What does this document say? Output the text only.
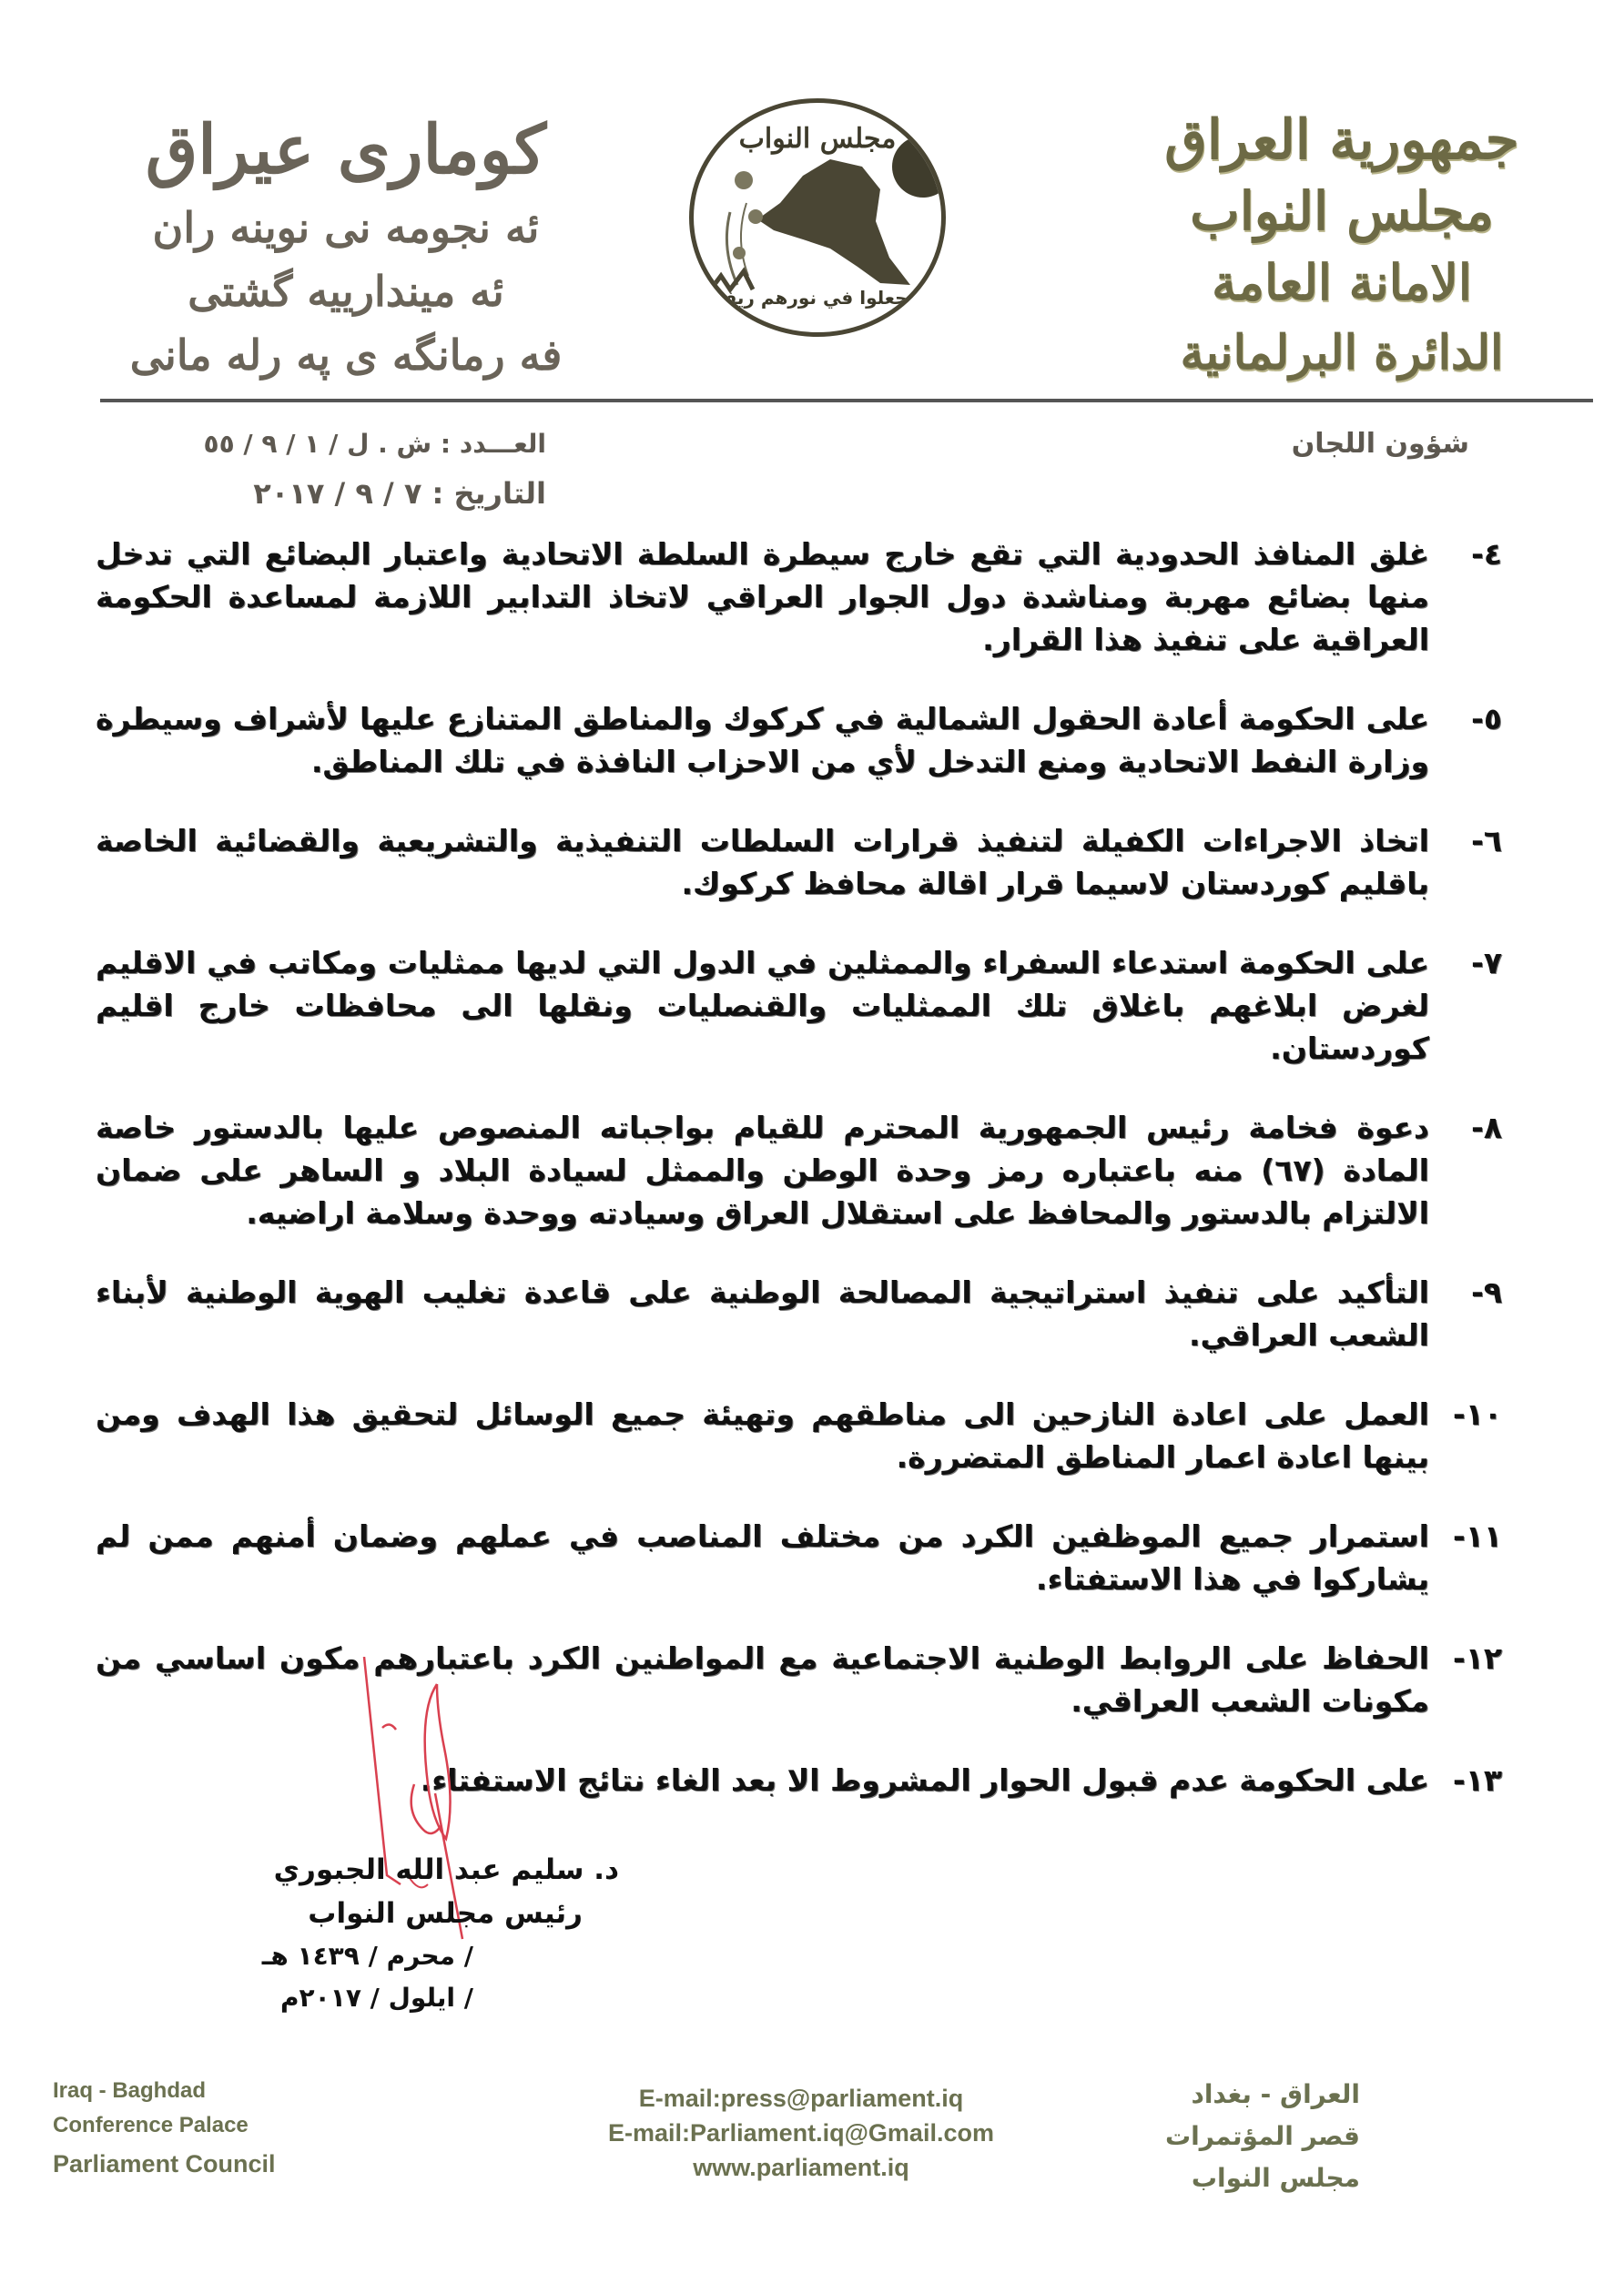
جمهورية العراق
مجلس النواب
الامانة العامة
الدائرة البرلمانية
مجلس النواب
وجعلوا في نورهم ريف
كوماری عیراق
ئه نجومه نی نوینه ران
ئه میندارییه گشتی
فه رمانگه ی په رله مانی
شؤون اللجان
العـــدد : ش . ل / ١ / ٩ / ٥٥
التاريخ : ٧ / ٩ / ٢٠١٧
٤-
غلق المنافذ الحدودية التي تقع خارج سيطرة السلطة الاتحادية واعتبار البضائع التي تدخل منها بضائع مهربة ومناشدة دول الجوار العراقي لاتخاذ التدابير اللازمة لمساعدة الحكومة العراقية على تنفيذ هذا القرار.
٥-
على الحكومة أعادة الحقول الشمالية في كركوك والمناطق المتنازع عليها لأشراف وسيطرة وزارة النفط الاتحادية ومنع التدخل لأي من الاحزاب النافذة في تلك المناطق.
٦-
اتخاذ الاجراءات الكفيلة لتنفيذ قرارات السلطات التنفيذية والتشريعية والقضائية الخاصة باقليم كوردستان لاسيما قرار اقالة محافظ كركوك.
٧-
على الحكومة استدعاء السفراء والممثلين في الدول التي لديها ممثليات ومكاتب في الاقليم لغرض ابلاغهم باغلاق تلك الممثليات والقنصليات ونقلها الى محافظات خارج اقليم كوردستان.
٨-
دعوة فخامة رئيس الجمهورية المحترم للقيام بواجباته المنصوص عليها بالدستور خاصة المادة (٦٧) منه باعتباره رمز وحدة الوطن والممثل لسيادة البلاد و الساهر على ضمان الالتزام بالدستور والمحافظ على استقلال العراق وسيادته ووحدة وسلامة اراضيه.
٩-
التأكيد على تنفيذ استراتيجية المصالحة الوطنية على قاعدة تغليب الهوية الوطنية لأبناء الشعب العراقي.
١٠-
العمل على اعادة النازحين الى مناطقهم وتهيئة جميع الوسائل لتحقيق هذا الهدف ومن بينها اعادة اعمار المناطق المتضررة.
١١-
استمرار جميع الموظفين الكرد من مختلف المناصب في عملهم وضمان أمنهم ممن لم يشاركوا في هذا الاستفتاء.
١٢-
الحفاظ على الروابط الوطنية الاجتماعية مع المواطنين الكرد باعتبارهم مكون اساسي من مكونات الشعب العراقي.
١٣-
على الحكومة عدم قبول الحوار المشروط الا بعد الغاء نتائج الاستفتاء.
د. سليم عبد الله الجبوري
رئيس مجلس النواب
/ محرم / ١٤٣٩ هـ
/ ايلول / ٢٠١٧م
Iraq - Baghdad
Conference Palace
Parliament Council
E-mail:press@parliament.iq
E-mail:Parliament.iq@Gmail.com
www.parliament.iq
العراق - بغداد
قصر المؤتمرات
مجلس النواب
